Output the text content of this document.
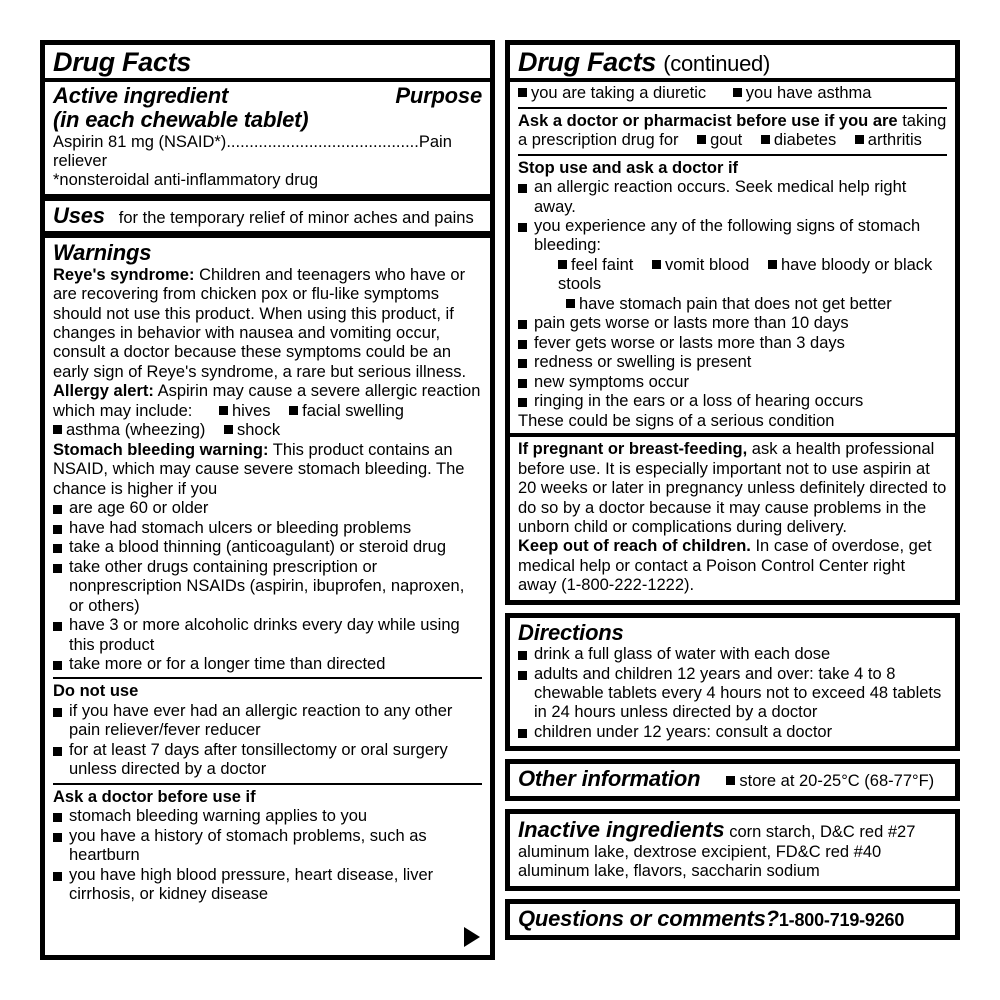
Drug Facts
Active ingredient	Purpose
(in each chewable tablet)
Aspirin 81 mg (NSAID*)..........................................Pain reliever
*nonsteroidal anti-inflammatory drug
Uses for the temporary relief of minor aches and pains
Warnings
Reye's syndrome: Children and teenagers who have or are recovering from chicken pox or flu-like symptoms should not use this product. When using this product, if changes in behavior with nausea and vomiting occur, consult a doctor because these symptoms could be an early sign of Reye's syndrome, a rare but serious illness.
Allergy alert: Aspirin may cause a severe allergic reaction which may include: hives facial swelling
asthma (wheezing) shock
Stomach bleeding warning: This product contains an NSAID, which may cause severe stomach bleeding. The chance is higher if you
are age 60 or older
have had stomach ulcers or bleeding problems
take a blood thinning (anticoagulant) or steroid drug
take other drugs containing prescription or nonprescription NSAIDs (aspirin, ibuprofen, naproxen, or others)
have 3 or more alcoholic drinks every day while using this product
take more or for a longer time than directed
Do not use
if you have ever had an allergic reaction to any other pain reliever/fever reducer
for at least 7 days after tonsillectomy or oral surgery unless directed by a doctor
Ask a doctor before use if
stomach bleeding warning applies to you
you have a history of stomach problems, such as heartburn
you have high blood pressure, heart disease, liver cirrhosis, or kidney disease
Drug Facts (continued)
you are taking a diuretic you have asthma
Ask a doctor or pharmacist before use if you are taking a prescription drug for gout diabetes arthritis
Stop use and ask a doctor if
an allergic reaction occurs. Seek medical help right away.
you experience any of the following signs of stomach bleeding:
feel faint vomit blood have bloody or black stools
have stomach pain that does not get better
pain gets worse or lasts more than 10 days
fever gets worse or lasts more than 3 days
redness or swelling is present
new symptoms occur
ringing in the ears or a loss of hearing occurs
These could be signs of a serious condition
If pregnant or breast-feeding, ask a health professional before use. It is especially important not to use aspirin at 20 weeks or later in pregnancy unless definitely directed to do so by a doctor because it may cause problems in the unborn child or complications during delivery.
Keep out of reach of children. In case of overdose, get medical help or contact a Poison Control Center right away (1-800-222-1222).
Directions
drink a full glass of water with each dose
adults and children 12 years and over: take 4 to 8 chewable tablets every 4 hours not to exceed 48 tablets in 24 hours unless directed by a doctor
children under 12 years: consult a doctor
Other information	store at 20-25°C (68-77°F)
Inactive ingredients corn starch, D&C red #27 aluminum lake, dextrose excipient, FD&C red #40 aluminum lake, flavors, saccharin sodium
Questions or comments? 1-800-719-9260
